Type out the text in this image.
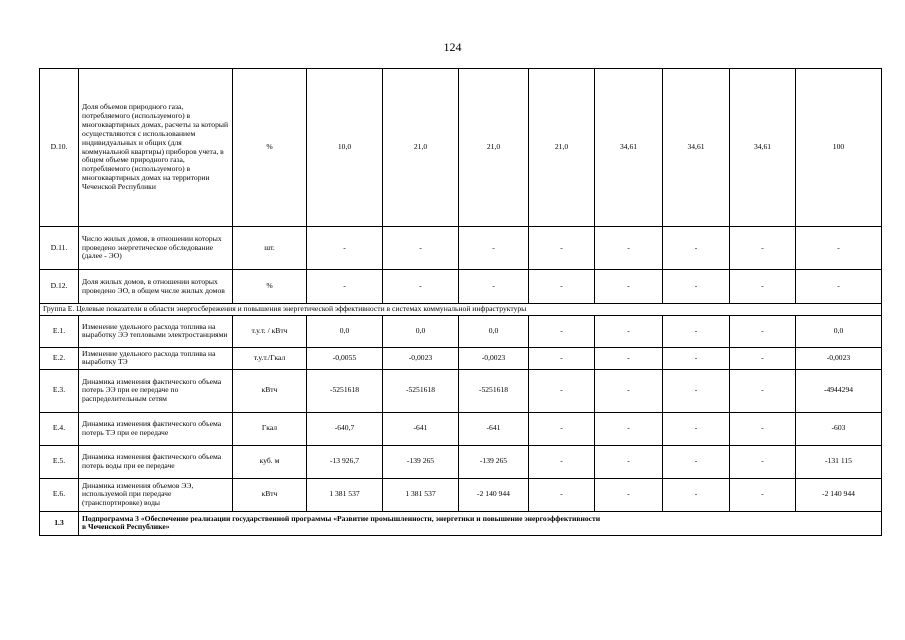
124
D.10.	Доля объемов природного газа, потребляемого (используемого) в многоквартирных домах, расчеты за который осуществляются с использованием индивидуальных и общих (для коммунальной квартиры) приборов учета, в общем объеме природного газа, потребляемого (используемого) в многоквартирных домах на территории Чеченской Республики	%	10,0	21,0	21,0	21,0	34,61	34,61	34,61	100
D.11.	Число жилых домов, в отношении которых проведено энергетическое обследование (далее - ЭО)	шт.	-	-	-	-	-	-	-	-
D.12.	Доля жилых домов, в отношении которых проведено ЭО, в общем числе жилых домов	%	-	-	-	-	-	-	-	-
Группа Е. Целевые показатели в области энергосбережения и повышения энергетической эффективности в системах коммунальной инфраструктуры										
E.1.	Изменение удельного расхода топлива на выработку ЭЭ тепловыми электростанциями	т.у.т. / кВтч	0,0	0,0	0,0	-	-	-	-	0,0
E.2.	Изменение удельного расхода топлива на выработку ТЭ	т.у.т./Гкал	-0,0055	-0,0023	-0,0023	-	-	-	-	-0,0023
E.3.	Динамика изменения фактического объема потерь ЭЭ при ее передаче по распределительным сетям	кВтч	-5251618	-5251618	-5251618	-	-	-	-	-4944294
E.4.	Динамика изменения фактического объема потерь ТЭ при ее передаче	Гкал	-640,7	-641	-641	-	-	-	-	-603
E.5.	Динамика изменения фактического объема потерь воды при ее передаче	куб. м	-13 926,7	-139 265	-139 265	-	-	-	-	-131 115
E.6.	Динамика изменения объемов ЭЭ, используемой при передаче (транспортировке) воды	кВтч	1 381 537	1 381 537	-2 140 944	-	-	-	-	-2 140 944
1.3	Подпрограмма 3 «Обеспечение реализации государственной программы «Развитие промышленности, энергетики и повышение энергоэффективности
в Чеченской Республике»									
